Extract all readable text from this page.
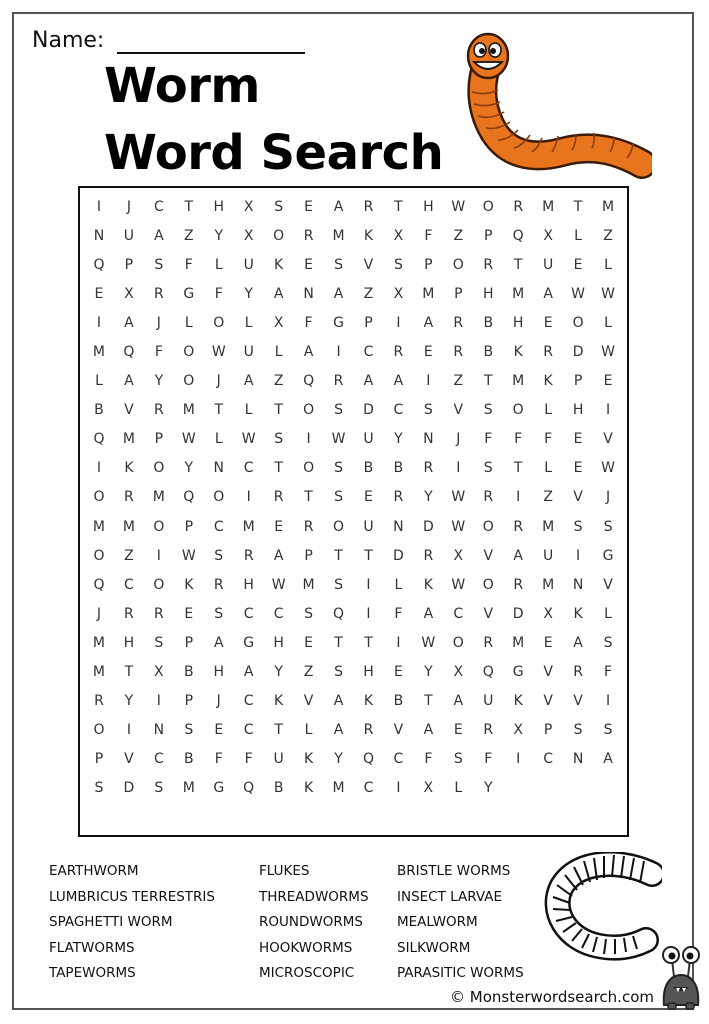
Name:
Worm
Word Search
I	J	C	T	H	X	S	E	A	R	T	H	W	O	R	M	T	M
N	U	A	Z	Y	X	O	R	M	K	X	F	Z	P	Q	X	L	Z
Q	P	S	F	L	U	K	E	S	V	S	P	O	R	T	U	E	L
E	X	R	G	F	Y	A	N	A	Z	X	M	P	H	M	A	W	W
I	A	J	L	O	L	X	F	G	P	I	A	R	B	H	E	O	L
M	Q	F	O	W	U	L	A	I	C	R	E	R	B	K	R	D	W
L	A	Y	O	J	A	Z	Q	R	A	A	I	Z	T	M	K	P	E
B	V	R	M	T	L	T	O	S	D	C	S	V	S	O	L	H	I
Q	M	P	W	L	W	S	I	W	U	Y	N	J	F	F	F	E	V
I	K	O	Y	N	C	T	O	S	B	B	R	I	S	T	L	E	W
O	R	M	Q	O	I	R	T	S	E	R	Y	W	R	I	Z	V	J
M	M	O	P	C	M	E	R	O	U	N	D	W	O	R	M	S	S
O	Z	I	W	S	R	A	P	T	T	D	R	X	V	A	U	I	G
Q	C	O	K	R	H	W	M	S	I	L	K	W	O	R	M	N	V
J	R	R	E	S	C	C	S	Q	I	F	A	C	V	D	X	K	L
M	H	S	P	A	G	H	E	T	T	I	W	O	R	M	E	A	S
M	T	X	B	H	A	Y	Z	S	H	E	Y	X	Q	G	V	R	F
R	Y	I	P	J	C	K	V	A	K	B	T	A	U	K	V	V	I
O	I	N	S	E	C	T	L	A	R	V	A	E	R	X	P	S	S
P	V	C	B	F	F	U	K	Y	Q	C	F	S	F	I	C	N	A
S	D	S	M	G	Q	B	K	M	C	I	X	L	Y
EARTHWORM
LUMBRICUS TERRESTRIS
SPAGHETTI WORM
FLATWORMS
TAPEWORMS
FLUKES
THREADWORMS
ROUNDWORMS
HOOKWORMS
MICROSCOPIC
BRISTLE WORMS
INSECT LARVAE
MEALWORM
SILKWORM
PARASITIC WORMS
© Monsterwordsearch.com
